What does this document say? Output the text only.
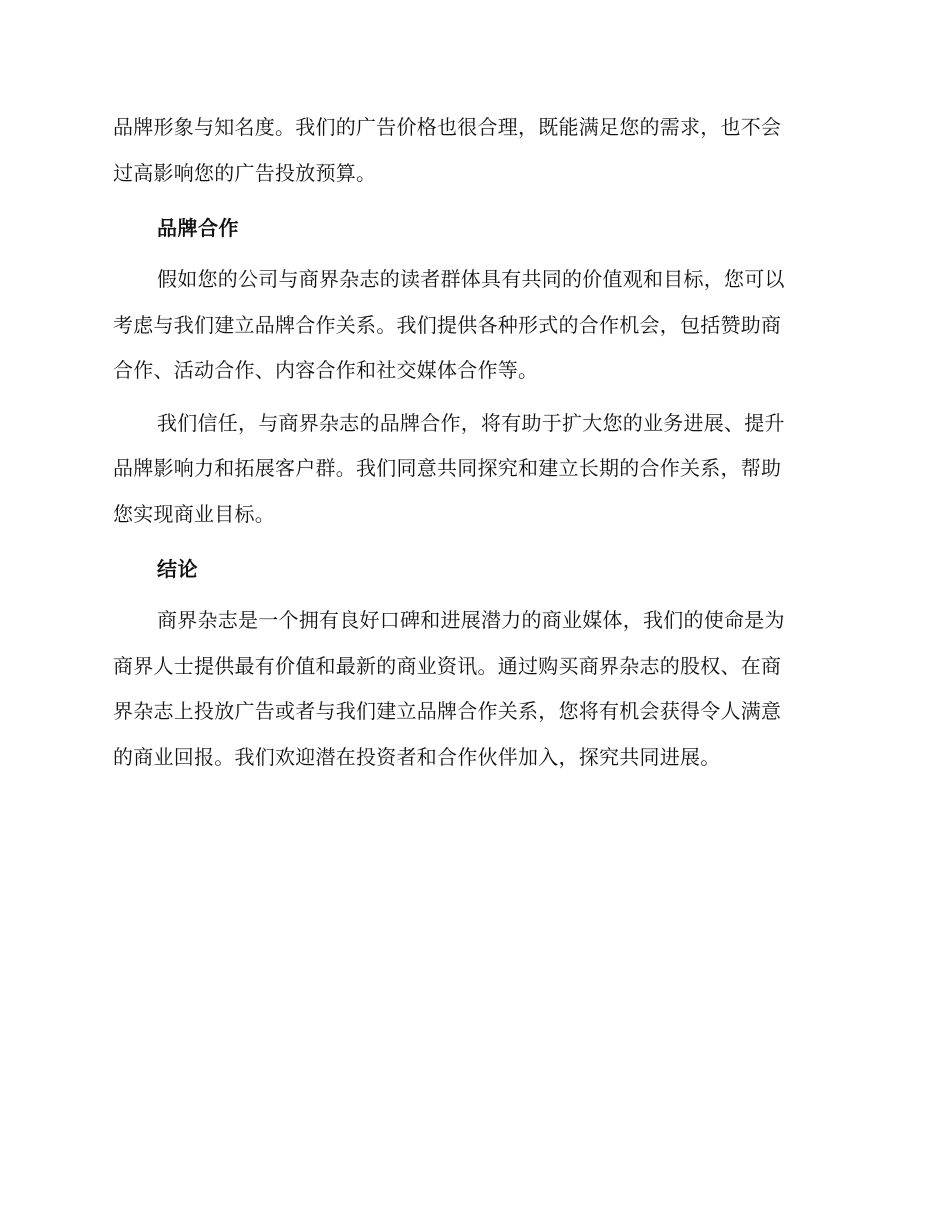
品牌形象与知名度。我们的广告价格也很合理，既能满足您的需求，也不会
过高影响您的广告投放预算。

品牌合作

假如您的公司与商界杂志的读者群体具有共同的价值观和目标，您可以
考虑与我们建立品牌合作关系。我们提供各种形式的合作机会，包括赞助商
合作、活动合作、内容合作和社交媒体合作等。

我们信任，与商界杂志的品牌合作，将有助于扩大您的业务进展、提升
品牌影响力和拓展客户群。我们同意共同探究和建立长期的合作关系，帮助
您实现商业目标。

结论

商界杂志是一个拥有良好口碑和进展潜力的商业媒体，我们的使命是为
商界人士提供最有价值和最新的商业资讯。通过购买商界杂志的股权、在商
界杂志上投放广告或者与我们建立品牌合作关系，您将有机会获得令人满意
的商业回报。我们欢迎潜在投资者和合作伙伴加入，探究共同进展。
